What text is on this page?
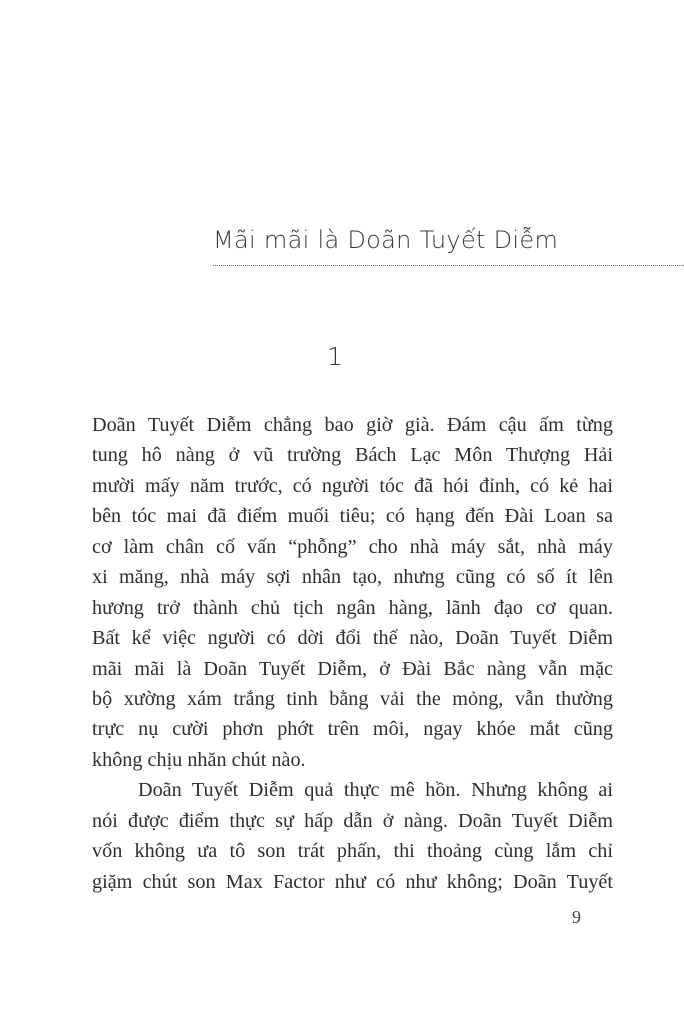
Mãi mãi là Doãn Tuyết Diễm
1
Doãn Tuyết Diễm chẳng bao giờ già. Đám cậu ấm từng
tung hô nàng ở vũ trường Bách Lạc Môn Thượng Hải
mười mấy năm trước, có người tóc đã hói đỉnh, có kẻ hai
bên tóc mai đã điểm muối tiêu; có hạng đến Đài Loan sa
cơ làm chân cố vấn “phỗng” cho nhà máy sắt, nhà máy
xi măng, nhà máy sợi nhân tạo, nhưng cũng có số ít lên
hương trở thành chủ tịch ngân hàng, lãnh đạo cơ quan.
Bất kể việc người có dời đổi thế nào, Doãn Tuyết Diễm
mãi mãi là Doãn Tuyết Diễm, ở Đài Bắc nàng vẫn mặc
bộ xường xám trắng tinh bằng vải the mỏng, vẫn thường
trực nụ cười phơn phớt trên môi, ngay khóe mắt cũng
không chịu nhăn chút nào.
Doãn Tuyết Diễm quả thực mê hồn. Nhưng không ai
nói được điểm thực sự hấp dẫn ở nàng. Doãn Tuyết Diễm
vốn không ưa tô son trát phấn, thi thoảng cùng lắm chỉ
giặm chút son Max Factor như có như không; Doãn Tuyết
9
